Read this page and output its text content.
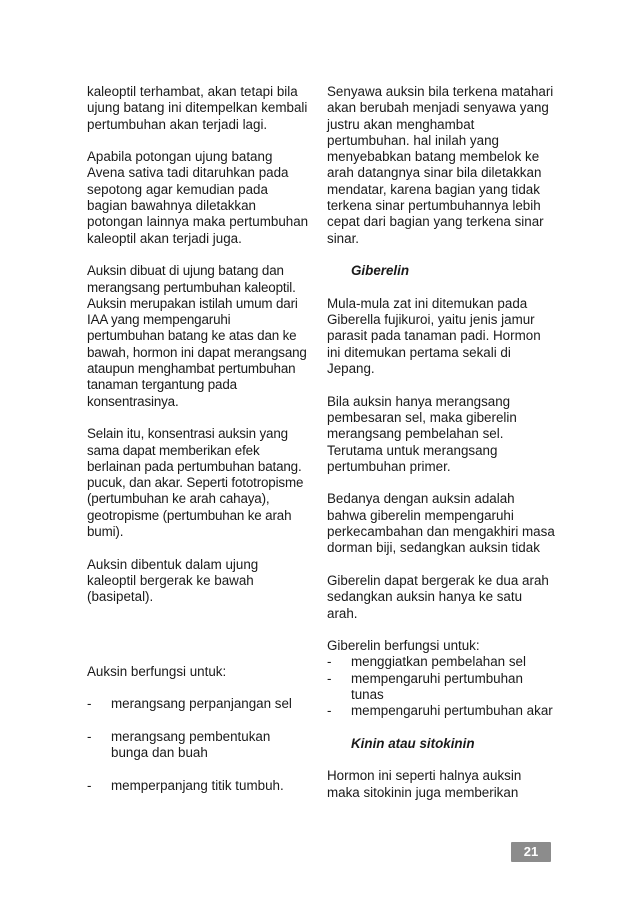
kaleoptil terhambat, akan tetapi bila ujung batang ini ditempelkan kembali pertumbuhan akan terjadi lagi.

Apabila potongan ujung batang Avena sativa tadi ditaruhkan pada sepotong agar kemudian pada bagian bawahnya diletakkan potongan lainnya maka pertumbuhan kaleoptil akan terjadi juga.

Auksin dibuat di ujung batang dan merangsang pertumbuhan kaleoptil. Auksin merupakan istilah umum dari IAA yang mempengaruhi pertumbuhan batang ke atas dan ke bawah, hormon ini dapat merangsang ataupun menghambat pertumbuhan tanaman tergantung pada konsentrasinya.

Selain itu, konsentrasi auksin yang sama dapat memberikan efek berlainan pada pertumbuhan batang. pucuk, dan akar. Seperti fototropisme (pertumbuhan ke arah cahaya), geotropisme (pertumbuhan ke arah bumi).

Auksin dibentuk dalam ujung kaleoptil bergerak ke bawah (basipetal).

Auksin berfungsi untuk:

-	merangsang perpanjangan sel
-	merangsang pembentukan bunga dan buah
-	memperpanjang titik tumbuh.

Senyawa auksin bila terkena matahari akan berubah menjadi senyawa yang justru akan menghambat pertumbuhan. hal inilah yang menyebabkan batang membelok ke arah datangnya sinar bila diletakkan mendatar, karena bagian yang tidak terkena sinar pertumbuhannya lebih cepat dari bagian yang terkena sinar sinar.

Giberelin

Mula-mula zat ini ditemukan pada Giberella fujikuroi, yaitu jenis jamur parasit pada tanaman padi. Hormon ini ditemukan pertama sekali di Jepang.

Bila auksin hanya merangsang pembesaran sel, maka giberelin merangsang pembelahan sel. Terutama untuk merangsang pertumbuhan primer.

Bedanya dengan auksin adalah bahwa giberelin mempengaruhi perkecambahan dan mengakhiri masa dorman biji, sedangkan auksin tidak

Giberelin dapat bergerak ke dua arah sedangkan auksin hanya ke satu arah.

Giberelin berfungsi untuk:

-	menggiatkan pembelahan sel
-	mempengaruhi pertumbuhan tunas
-	mempengaruhi pertumbuhan akar

Kinin atau sitokinin

Hormon ini seperti halnya auksin maka sitokinin juga memberikan

21
